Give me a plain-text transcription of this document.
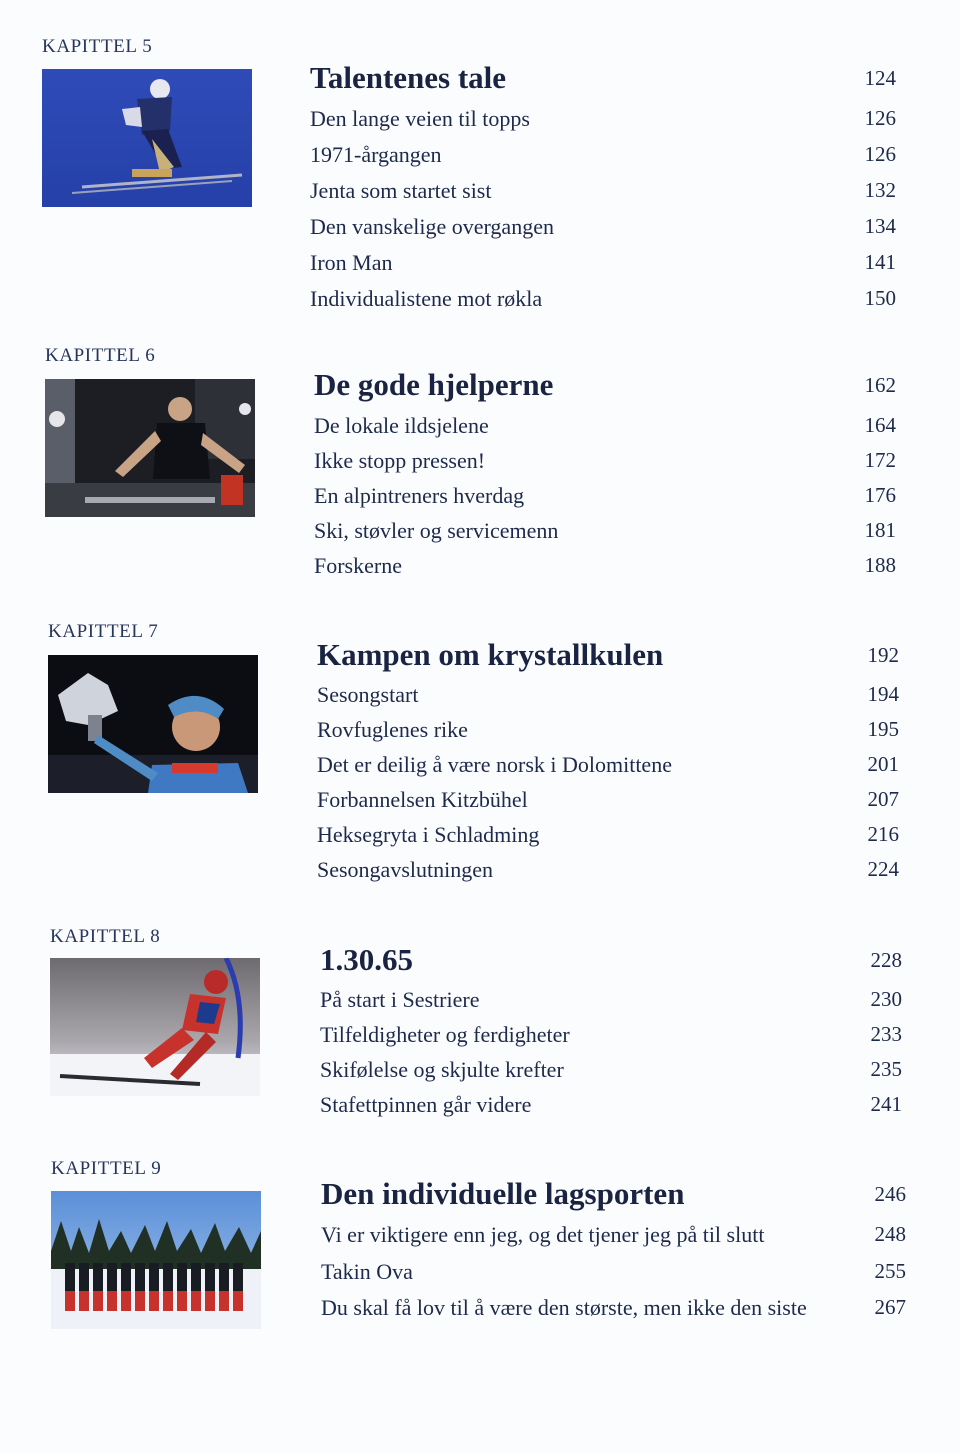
KAPITTEL 5
Talentenes tale	124
Den lange veien til topps	126
1971-årgangen	126
Jenta som startet sist	132
Den vanskelige overgangen	134
Iron Man	141
Individualistene mot røkla	150
KAPITTEL 6
De gode hjelperne	162
De lokale ildsjelene	164
Ikke stopp pressen!	172
En alpintreners hverdag	176
Ski, støvler og servicemenn	181
Forskerne	188
KAPITTEL 7
Kampen om krystallkulen	192
Sesongstart	194
Rovfuglenes rike	195
Det er deilig å være norsk i Dolomittene	201
Forbannelsen Kitzbühel	207
Heksegryta i Schladming	216
Sesongavslutningen	224
KAPITTEL 8
1.30.65	228
På start i Sestriere	230
Tilfeldigheter og ferdigheter	233
Skifølelse og skjulte krefter	235
Stafettpinnen går videre	241
KAPITTEL 9
Den individuelle lagsporten	246
Vi er viktigere enn jeg, og det tjener jeg på til slutt	248
Takin Ova	255
Du skal få lov til å være den største, men ikke den siste	267
